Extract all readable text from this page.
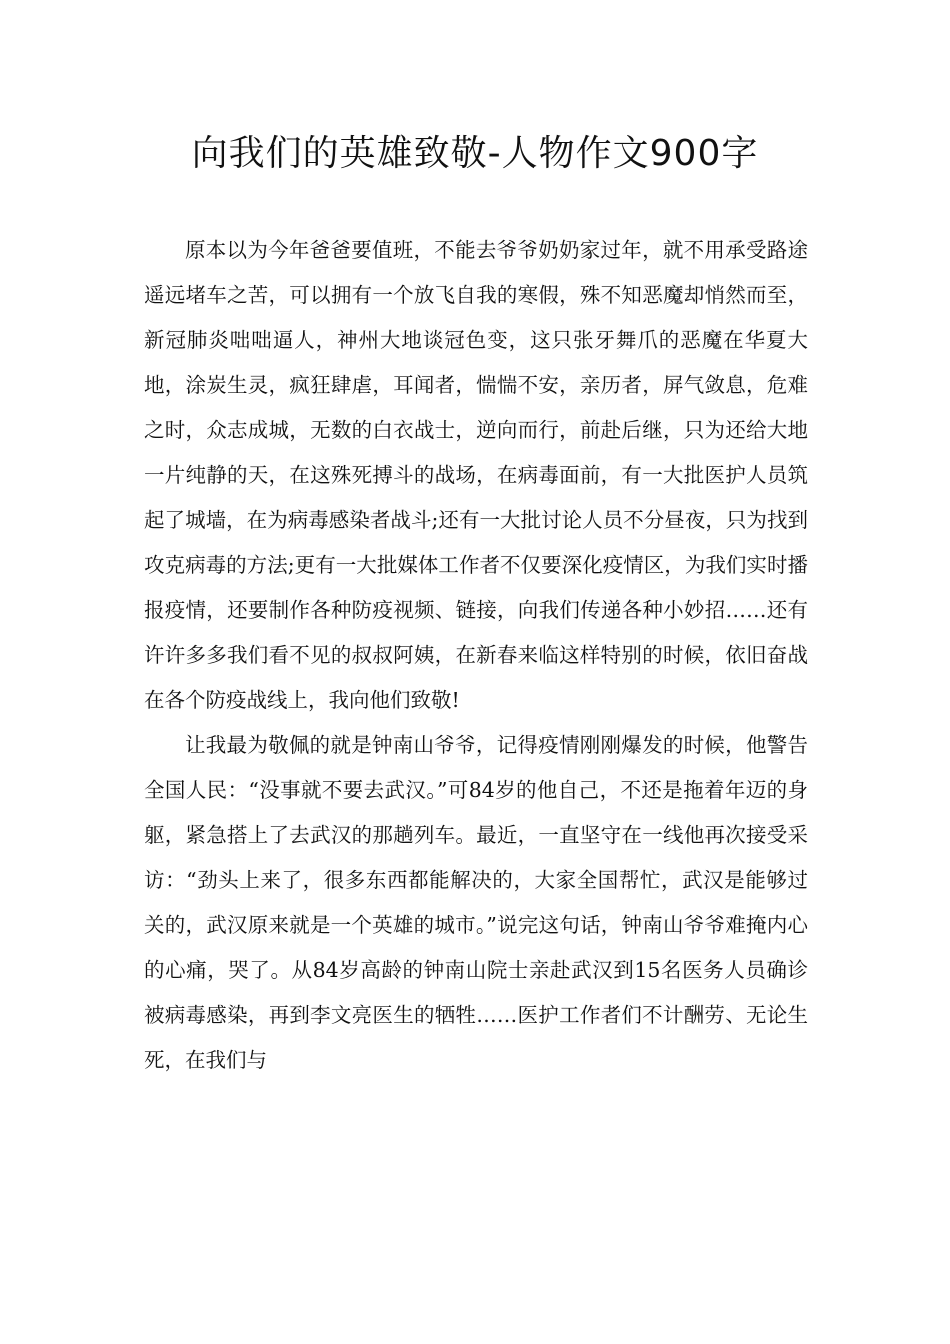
向我们的英雄致敬-人物作文900字

原本以为今年爸爸要值班，不能去爷爷奶奶家过年，就不用承受路途遥远堵车之苦，可以拥有一个放飞自我的寒假，殊不知恶魔却悄然而至，新冠肺炎咄咄逼人，神州大地谈冠色变，这只张牙舞爪的恶魔在华夏大地，涂炭生灵，疯狂肆虐，耳闻者，惴惴不安，亲历者，屏气敛息，危难之时，众志成城，无数的白衣战士，逆向而行，前赴后继，只为还给大地一片纯静的天，在这殊死搏斗的战场，在病毒面前，有一大批医护人员筑起了城墙，在为病毒感染者战斗;还有一大批讨论人员不分昼夜，只为找到攻克病毒的方法;更有一大批媒体工作者不仅要深化疫情区，为我们实时播报疫情，还要制作各种防疫视频、链接，向我们传递各种小妙招……还有许许多多我们看不见的叔叔阿姨，在新春来临这样特别的时候，依旧奋战在各个防疫战线上，我向他们致敬!

让我最为敬佩的就是钟南山爷爷，记得疫情刚刚爆发的时候，他警告全国人民：“没事就不要去武汉。”可84岁的他自己，不还是拖着年迈的身躯，紧急搭上了去武汉的那趟列车。最近，一直坚守在一线他再次接受采访：“劲头上来了，很多东西都能解决的，大家全国帮忙，武汉是能够过关的，武汉原来就是一个英雄的城市。”说完这句话，钟南山爷爷难掩内心的心痛，哭了。从84岁高龄的钟南山院士亲赴武汉到15名医务人员确诊被病毒感染，再到李文亮医生的牺牲……医护工作者们不计酬劳、无论生死，在我们与
